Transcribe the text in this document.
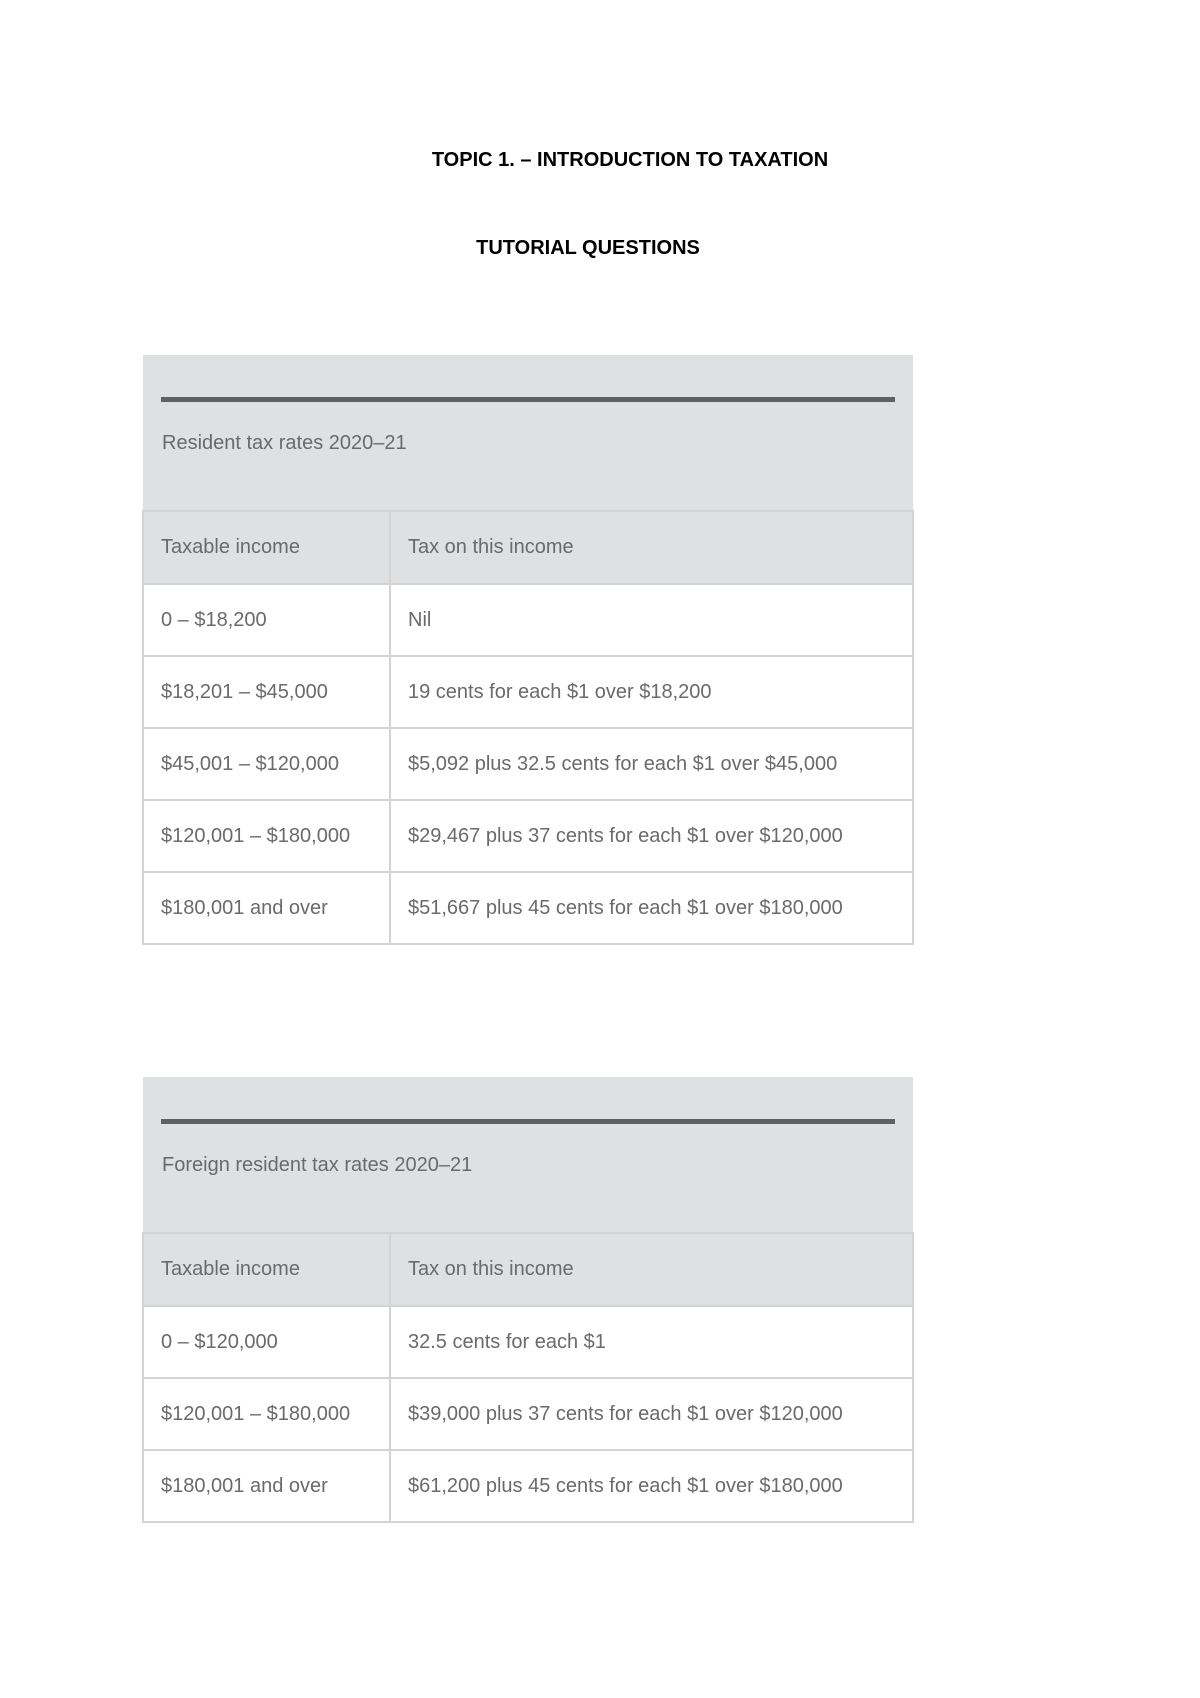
TOPIC 1. – INTRODUCTION TO TAXATION
TUTORIAL QUESTIONS
Resident tax rates 2020–21	

Taxable income	Tax on this income
0 – $18,200	Nil
$18,201 – $45,000	19 cents for each $1 over $18,200
$45,001 – $120,000	$5,092 plus 32.5 cents for each $1 over $45,000
$120,001 – $180,000	$29,467 plus 37 cents for each $1 over $120,000
$180,001 and over	$51,667 plus 45 cents for each $1 over $180,000
Foreign resident tax rates 2020–21	

Taxable income	Tax on this income
0 – $120,000	32.5 cents for each $1
$120,001 – $180,000	$39,000 plus 37 cents for each $1 over $120,000
$180,001 and over	$61,200 plus 45 cents for each $1 over $180,000
